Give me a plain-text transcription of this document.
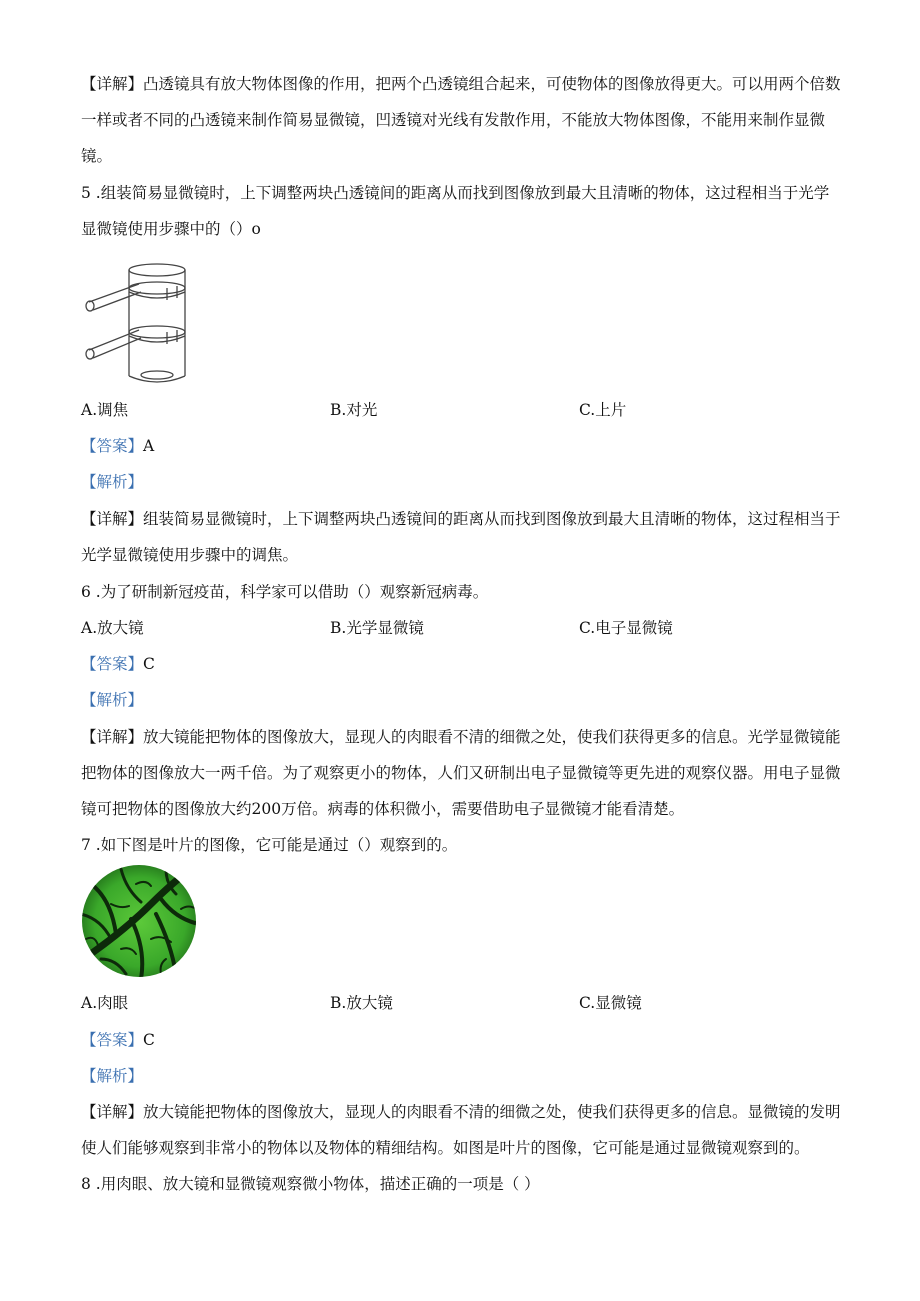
【详解】凸透镜具有放大物体图像的作用，把两个凸透镜组合起来，可使物体的图像放得更大。可以用两个倍数
一样或者不同的凸透镜来制作简易显微镜，凹透镜对光线有发散作用，不能放大物体图像，不能用来制作显微
镜。
5 .组装简易显微镜时，上下调整两块凸透镜间的距离从而找到图像放到最大且清晰的物体，这过程相当于光学
显微镜使用步骤中的（）o
A.调焦	B.对光	C.上片
【答案】A
【解析】
【详解】组装简易显微镜时，上下调整两块凸透镜间的距离从而找到图像放到最大且清晰的物体，这过程相当于
光学显微镜使用步骤中的调焦。
6 .为了研制新冠疫苗，科学家可以借助（）观察新冠病毒。
A.放大镜	B.光学显微镜	C.电子显微镜
【答案】C
【解析】
【详解】放大镜能把物体的图像放大，显现人的肉眼看不清的细微之处，使我们获得更多的信息。光学显微镜能
把物体的图像放大一两千倍。为了观察更小的物体，人们又研制出电子显微镜等更先进的观察仪器。用电子显微
镜可把物体的图像放大约200万倍。病毒的体积微小，需要借助电子显微镜才能看清楚。
7 .如下图是叶片的图像，它可能是通过（）观察到的。
A.肉眼	B.放大镜	C.显微镜
【答案】C
【解析】
【详解】放大镜能把物体的图像放大，显现人的肉眼看不清的细微之处，使我们获得更多的信息。显微镜的发明
使人们能够观察到非常小的物体以及物体的精细结构。如图是叶片的图像，它可能是通过显微镜观察到的。
8 .用肉眼、放大镜和显微镜观察微小物体，描述正确的一项是（ ）
